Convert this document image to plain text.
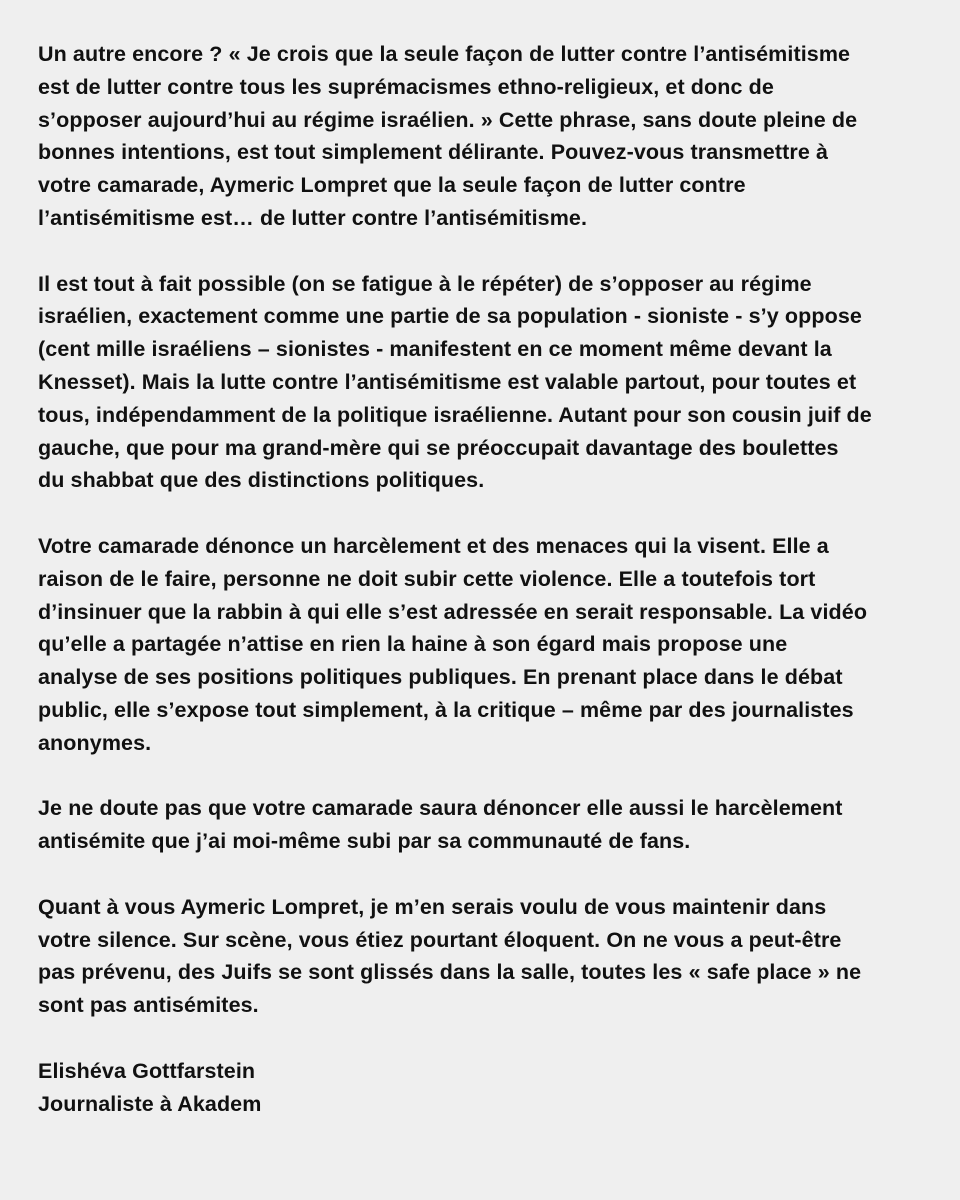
Un autre encore ? « Je crois que la seule façon de lutter contre l’antisémitisme
est de lutter contre tous les suprémacismes ethno-religieux, et donc de
s’opposer aujourd’hui au régime israélien. » Cette phrase, sans doute pleine de
bonnes intentions, est tout simplement délirante. Pouvez-vous transmettre à
votre camarade, Aymeric Lompret que la seule façon de lutter contre
l’antisémitisme est… de lutter contre l’antisémitisme.

Il est tout à fait possible (on se fatigue à le répéter) de s’opposer au régime
israélien, exactement comme une partie de sa population - sioniste - s’y oppose
(cent mille israéliens – sionistes - manifestent en ce moment même devant la
Knesset). Mais la lutte contre l’antisémitisme est valable partout, pour toutes et
tous, indépendamment de la politique israélienne. Autant pour son cousin juif de
gauche, que pour ma grand-mère qui se préoccupait davantage des boulettes
du shabbat que des distinctions politiques.

Votre camarade dénonce un harcèlement et des menaces qui la visent. Elle a
raison de le faire, personne ne doit subir cette violence. Elle a toutefois tort
d’insinuer que la rabbin à qui elle s’est adressée en serait responsable. La vidéo
qu’elle a partagée n’attise en rien la haine à son égard mais propose une
analyse de ses positions politiques publiques. En prenant place dans le débat
public, elle s’expose tout simplement, à la critique – même par des journalistes
anonymes.

Je ne doute pas que votre camarade saura dénoncer elle aussi le harcèlement
antisémite que j’ai moi-même subi par sa communauté de fans.

Quant à vous Aymeric Lompret, je m’en serais voulu de vous maintenir dans
votre silence. Sur scène, vous étiez pourtant éloquent. On ne vous a peut-être
pas prévenu, des Juifs se sont glissés dans la salle, toutes les « safe place » ne
sont pas antisémites.

Elishéva Gottfarstein
Journaliste à Akadem
